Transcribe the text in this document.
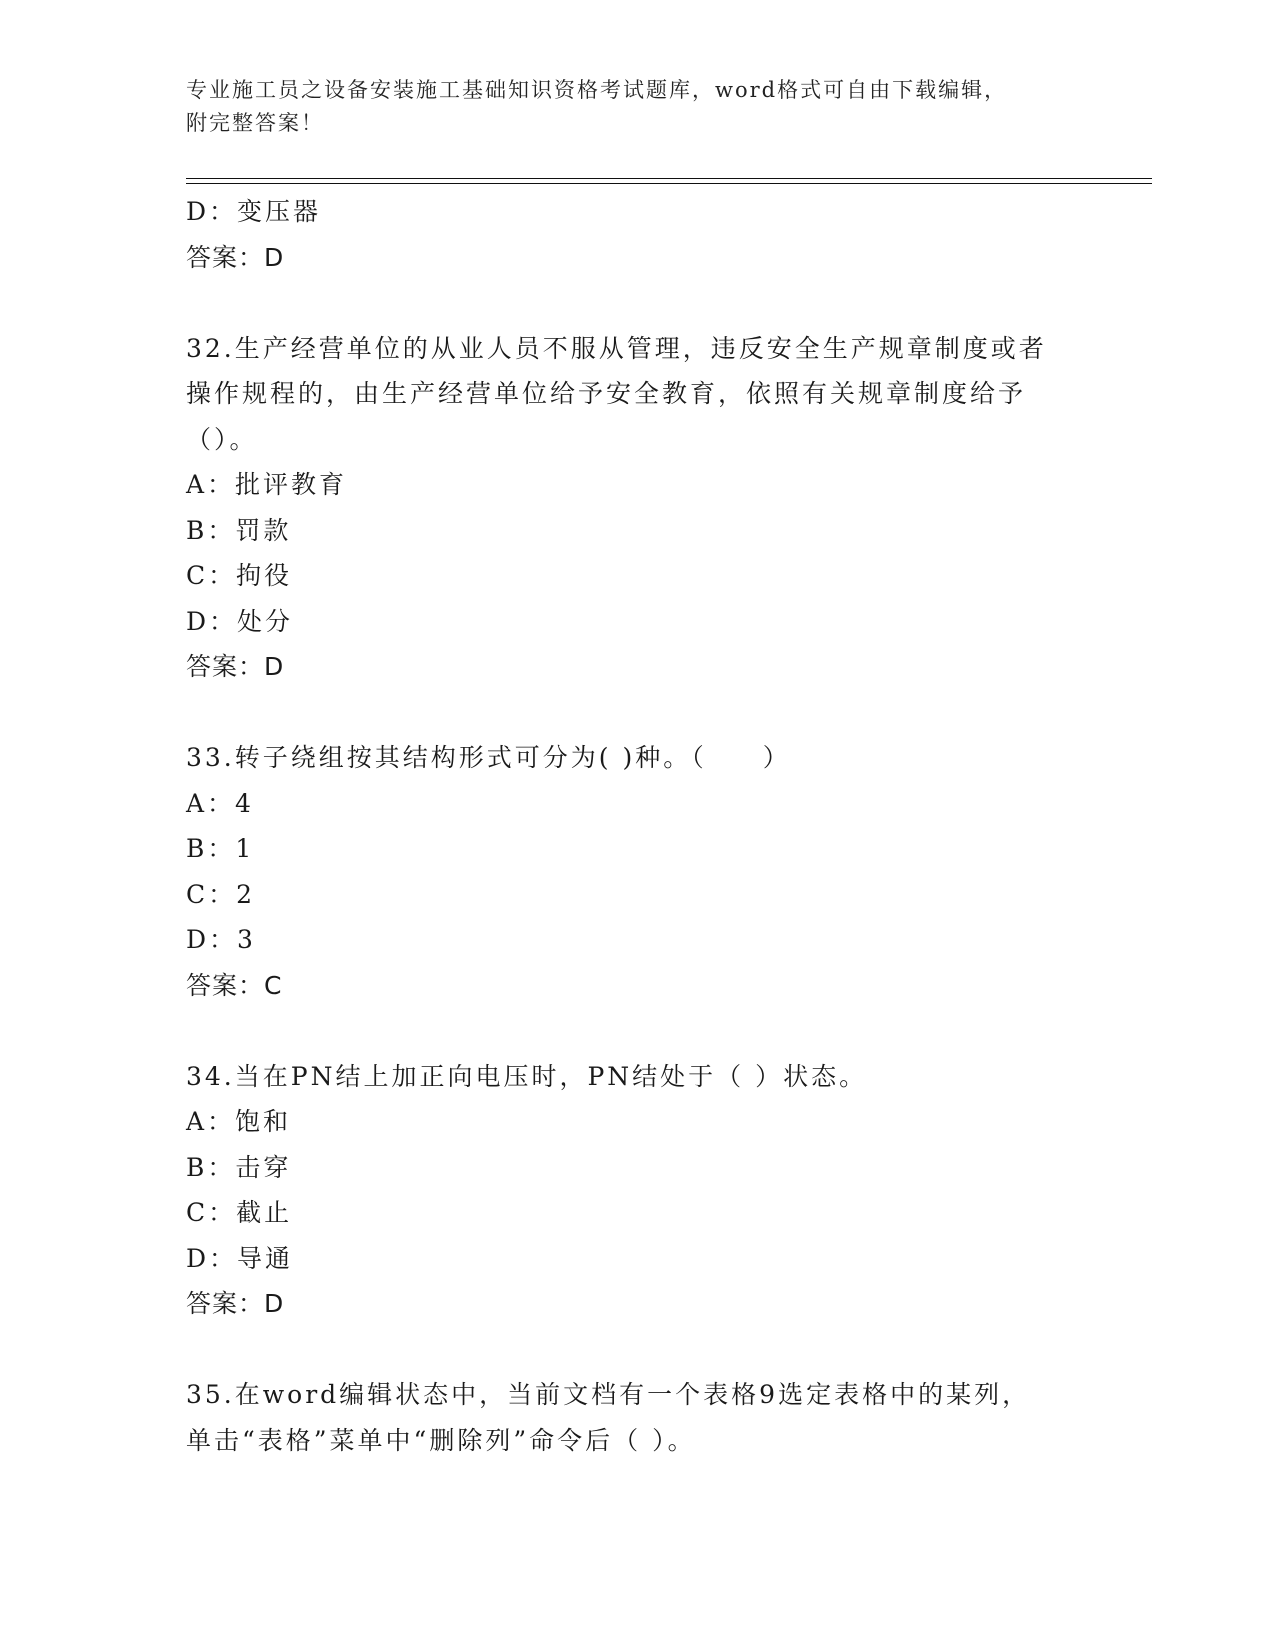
专业施工员之设备安装施工基础知识资格考试题库，word格式可自由下载编辑，
附完整答案！
D：变压器
答案：D
32.生产经营单位的从业人员不服从管理，违反安全生产规章制度或者
操作规程的，由生产经营单位给予安全教育，依照有关规章制度给予
（）。
A：批评教育
B：罚款
C：拘役
D：处分
答案：D
33.转子绕组按其结构形式可分为( )种。（　　）
A：4
B：1
C：2
D：3
答案：C
34.当在PN结上加正向电压时，PN结处于（ ）状态。
A：饱和
B：击穿
C：截止
D：导通
答案：D
35.在word编辑状态中，当前文档有一个表格9选定表格中的某列，
单击“表格”菜单中“删除列”命令后（ ）。
